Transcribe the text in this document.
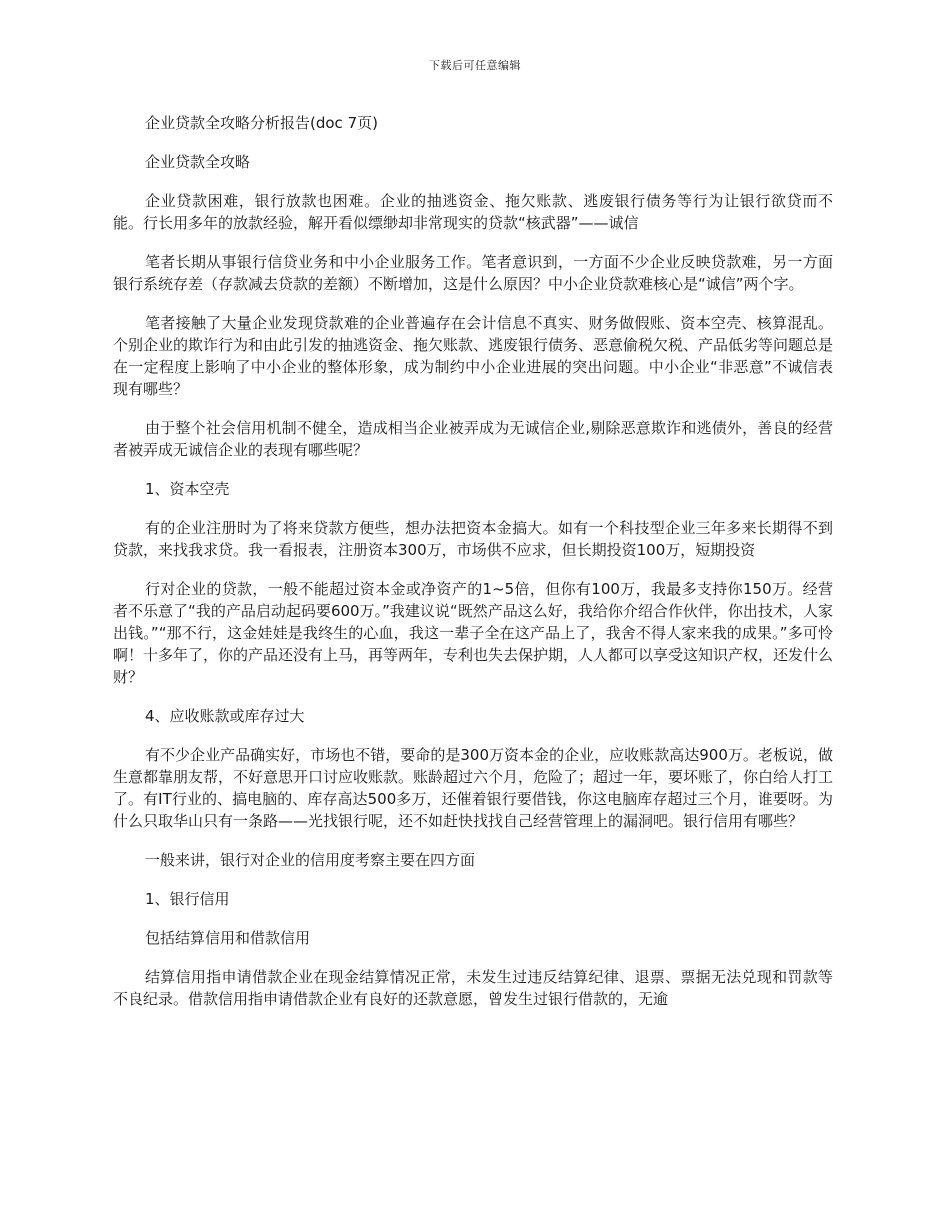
下载后可任意编辑

企业贷款全攻略分析报告(doc 7页)

企业贷款全攻略

企业贷款困难，银行放款也困难。企业的抽逃资金、拖欠账款、逃废银行债务等行为让银行欲贷而不能。行长用多年的放款经验，解开看似缥缈却非常现实的贷款“核武器”——诚信

笔者长期从事银行信贷业务和中小企业服务工作。笔者意识到，一方面不少企业反映贷款难，另一方面银行系统存差（存款减去贷款的差额）不断增加，这是什么原因？中小企业贷款难核心是“诚信”两个字。

笔者接触了大量企业发现贷款难的企业普遍存在会计信息不真实、财务做假账、资本空壳、核算混乱。个别企业的欺诈行为和由此引发的抽逃资金、拖欠账款、逃废银行债务、恶意偷税欠税、产品低劣等问题总是在一定程度上影响了中小企业的整体形象，成为制约中小企业进展的突出问题。中小企业“非恶意”不诚信表现有哪些？

由于整个社会信用机制不健全，造成相当企业被弄成为无诚信企业,剔除恶意欺诈和逃债外，善良的经营者被弄成无诚信企业的表现有哪些呢？

1、资本空壳

有的企业注册时为了将来贷款方便些，想办法把资本金搞大。如有一个科技型企业三年多来长期得不到贷款，来找我求贷。我一看报表，注册资本300万，市场供不应求，但长期投资100万，短期投资

行对企业的贷款，一般不能超过资本金或净资产的1~5倍，但你有100万，我最多支持你150万。经营者不乐意了“我的产品启动起码要600万。”我建议说“既然产品这么好，我给你介绍合作伙伴，你出技术，人家出钱。”“那不行，这金娃娃是我终生的心血，我这一辈子全在这产品上了，我舍不得人家来我的成果。”多可怜啊！十多年了，你的产品还没有上马，再等两年，专利也失去保护期，人人都可以享受这知识产权，还发什么财？

4、应收账款或库存过大

有不少企业产品确实好，市场也不错，要命的是300万资本金的企业，应收账款高达900万。老板说，做生意都靠朋友帮，不好意思开口讨应收账款。账龄超过六个月，危险了；超过一年，要坏账了，你白给人打工了。有IT行业的、搞电脑的、库存高达500多万，还催着银行要借钱，你这电脑库存超过三个月，谁要呀。为什么只取华山只有一条路——光找银行呢，还不如赶快找找自己经营管理上的漏洞吧。银行信用有哪些？

一般来讲，银行对企业的信用度考察主要在四方面

1、银行信用

包括结算信用和借款信用

结算信用指申请借款企业在现金结算情况正常，未发生过违反结算纪律、退票、票据无法兑现和罚款等不良纪录。借款信用指申请借款企业有良好的还款意愿，曾发生过银行借款的，无逾
